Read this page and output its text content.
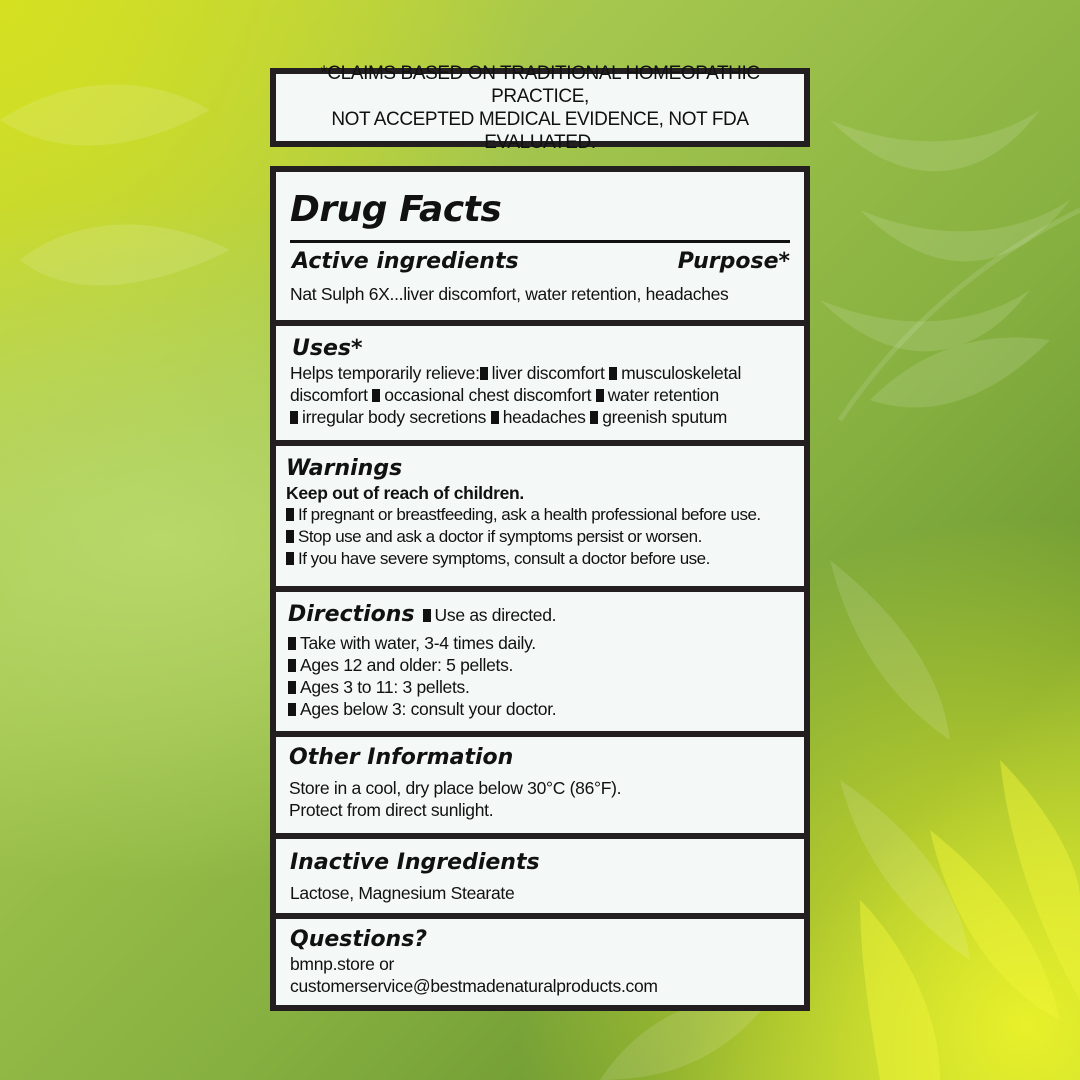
*CLAIMS BASED ON TRADITIONAL HOMEOPATHIC PRACTICE,
NOT ACCEPTED MEDICAL EVIDENCE, NOT FDA EVALUATED.
Drug Facts
Active ingredients	Purpose*
Nat Sulph 6X...liver discomfort, water retention, headaches
Uses*
Helps temporarily relieve: liver discomfort musculoskeletal
discomfort occasional chest discomfort water retention
irregular body secretions headaches greenish sputum
Warnings
Keep out of reach of children.
If pregnant or breastfeeding, ask a health professional before use.
Stop use and ask a doctor if symptoms persist or worsen.
If you have severe symptoms, consult a doctor before use.
Directions	Use as directed.
Take with water, 3-4 times daily.
Ages 12 and older: 5 pellets.
Ages 3 to 11: 3 pellets.
Ages below 3: consult your doctor.
Other Information
Store in a cool, dry place below 30°C (86°F).
Protect from direct sunlight.
Inactive Ingredients
Lactose, Magnesium Stearate
Questions?
bmnp.store or
customerservice@bestmadenaturalproducts.com
